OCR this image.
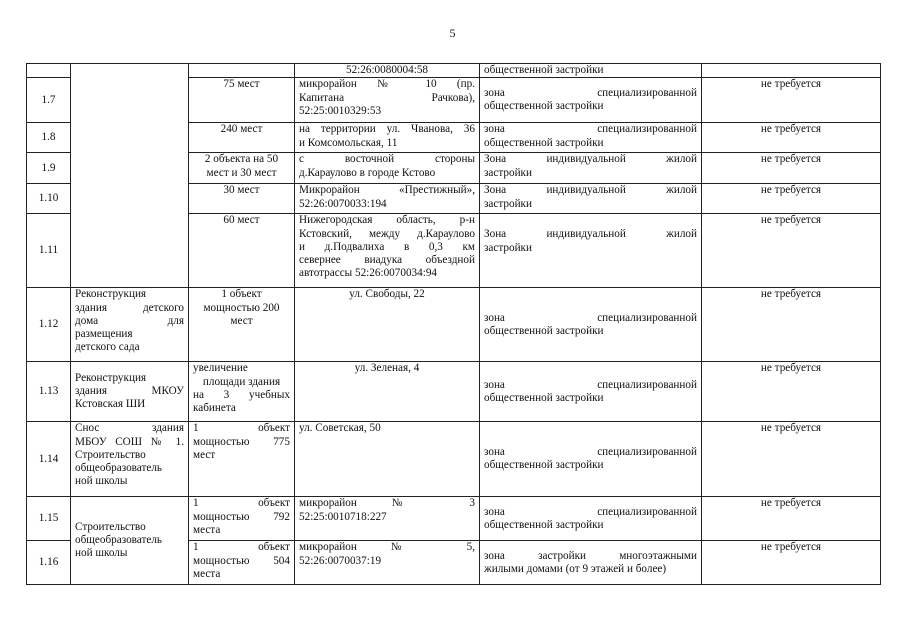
5
			52:26:0080004:58	общественной застройки	
1.7		75 мест	микрорайон № 10 (пр.
Капитана Рачкова),
52:25:0010329:53	зона специализированной
общественной застройки	не требуется
1.8		240 мест	на территории ул. Чванова, 36
и Комсомольская, 11	зона специализированной
общественной застройки	не требуется
1.9		2 объекта на 50 мест и 30 мест	с восточной стороны
д.Караулово в городе Кстово	Зона индивидуальной жилой
застройки	не требуется
1.10		30 мест	Микрорайон «Престижный»,
52:26:0070033:194	Зона индивидуальной жилой
застройки	не требуется
1.11		60 мест	Нижегородская область, р-н
Кстовский, между д.Караулово
и д.Подвалиха в 0,3 км
севернее виадука объездной
автотрассы 52:26:0070034:94	Зона индивидуальной жилой
застройки	не требуется
1.12	Реконструкция
здания детского
дома для
размещения
детского сада	1 объект
мощностью 200
мест	ул. Свободы, 22	зона специализированной
общественной застройки	не требуется
1.13	Реконструкция
здания МКОУ
Кстовская ШИ	увеличение
площади здания
на 3 учебных
кабинета	ул. Зеленая, 4	зона специализированной
общественной застройки	не требуется
1.14	Снос здания
МБОУ СОШ № 1.
Строительство
общеобразователь
ной школы	1 объект
мощностью 775
мест	ул. Советская, 50	зона специализированной
общественной застройки	не требуется
1.15	Строительство
общеобразователь
ной школы	1 объект
мощностью 792
места	микрорайон № 3
52:25:0010718:227	зона специализированной
общественной застройки	не требуется
1.16		1 объект
мощностью 504
места	микрорайон № 5,
52:26:0070037:19	зона застройки многоэтажными
жилыми домами (от 9 этажей и более)	не требуется
